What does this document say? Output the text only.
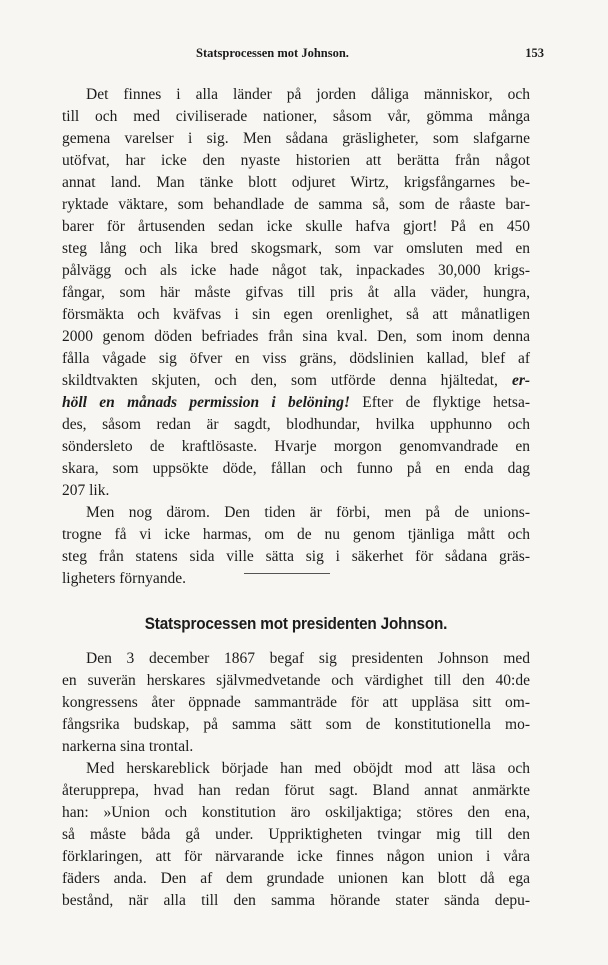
Statsprocessen mot Johnson.	153
Det finnes i alla länder på jorden dåliga människor, och
till och med civiliserade nationer, såsom vår, gömma många
gemena varelser i sig. Men sådana gräsligheter, som slafgarne
utöfvat, har icke den nyaste historien att berätta från något
annat land. Man tänke blott odjuret Wirtz, krigsfångarnes be-
ryktade väktare, som behandlade de samma så, som de råaste bar-
barer för årtusenden sedan icke skulle hafva gjort! På en 450
steg lång och lika bred skogsmark, som var omsluten med en
pålvägg och als icke hade något tak, inpackades 30,000 krigs-
fångar, som här måste gifvas till pris åt alla väder, hungra,
försmäkta och kväfvas i sin egen orenlighet, så att månatligen
2000 genom döden befriades från sina kval. Den, som inom denna
fålla vågade sig öfver en viss gräns, dödslinien kallad, blef af
skildtvakten skjuten, och den, som utförde denna hjältedat, er-
höll en månads permission i belöning! Efter de flyktige hetsa-
des, såsom redan är sagdt, blodhundar, hvilka upphunno och
söndersleto de kraftlösaste. Hvarje morgon genomvandrade en
skara, som uppsökte döde, fållan och funno på en enda dag
207 lik.
Men nog därom. Den tiden är förbi, men på de unions-
trogne få vi icke harmas, om de nu genom tjänliga mått och
steg från statens sida ville sätta sig i säkerhet för sådana gräs-
ligheters förnyande.
Statsprocessen mot presidenten Johnson.
Den 3 december 1867 begaf sig presidenten Johnson med
en suverän herskares självmedvetande och värdighet till den 40:de
kongressens åter öppnade sammanträde för att uppläsa sitt om-
fångsrika budskap, på samma sätt som de konstitutionella mo-
narkerna sina trontal.
Med herskareblick började han med oböjdt mod att läsa och
återupprepa, hvad han redan förut sagt. Bland annat anmärkte
han: »Union och konstitution äro oskiljaktiga; störes den ena,
så måste båda gå under. Uppriktigheten tvingar mig till den
förklaringen, att för närvarande icke finnes någon union i våra
fäders anda. Den af dem grundade unionen kan blott då ega
bestånd, när alla till den samma hörande stater sända depu-
